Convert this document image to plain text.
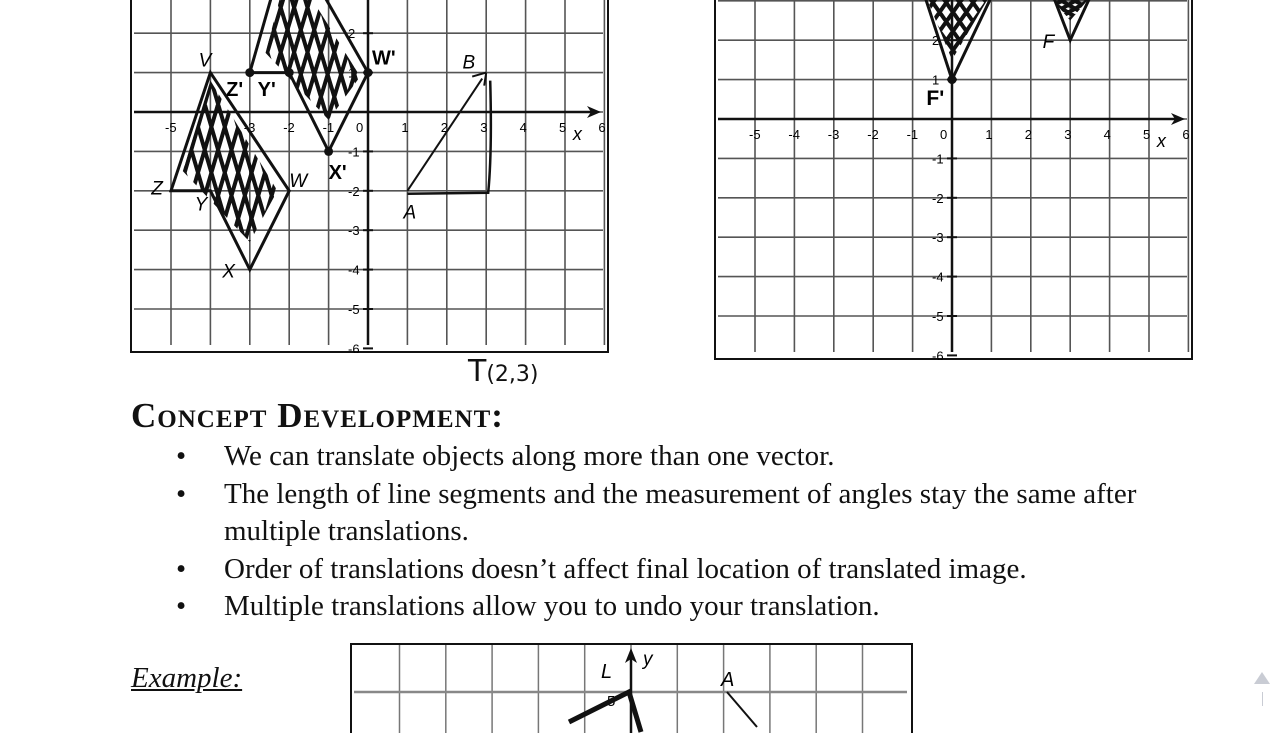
-5	-3 -2 -1 0	1 2 3 4 5 6
2
1
-1
-2
-3
-4
-5
-6
x
V
Z
Y
X
W
A
B
Z' Y'
X'
W'
-5 -4 -3 -2 -1 0	1 2 3 4 5 6
2
1
-1
-2
-3
-4
-5
-6
x
F
F'
y
5
L	A
T(2,3)
Concept Development:
• We can translate objects along more than one vector.
• The length of line segments and the measurement of angles stay the same after multiple translations.
• Order of translations doesn’t affect final location of translated image.
• Multiple translations allow you to undo your translation.
Example:
